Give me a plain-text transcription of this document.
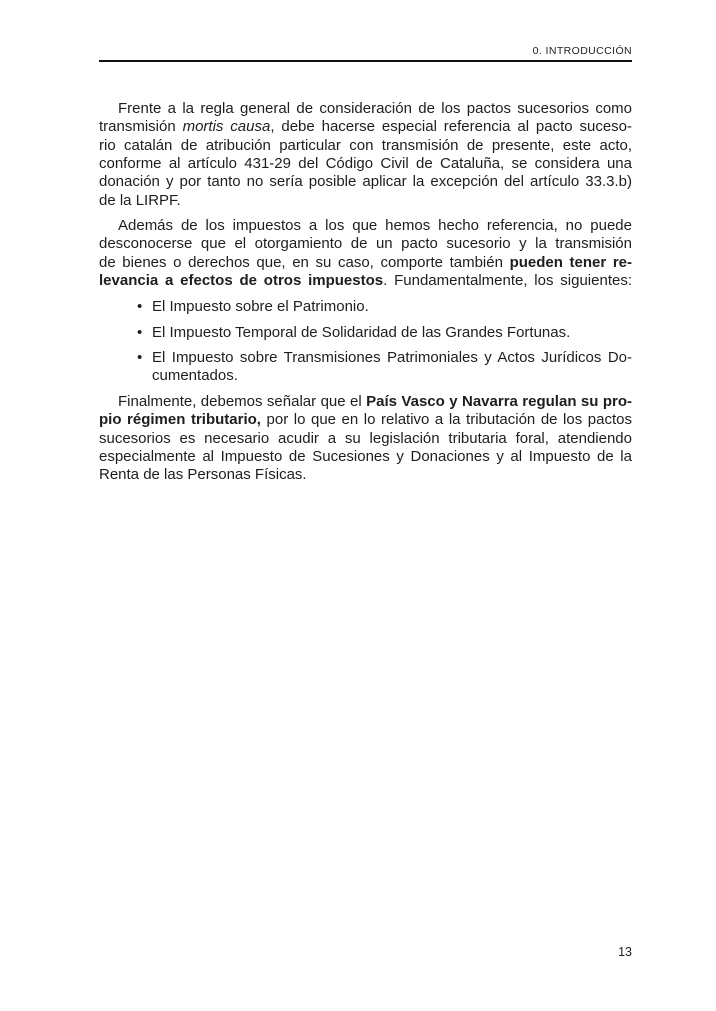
0. INTRODUCCIÓN
Frente a la regla general de consideración de los pactos sucesorios como
transmisión mortis causa, debe hacerse especial referencia al pacto suceso-
rio catalán de atribución particular con transmisión de presente, este acto,
conforme al artículo 431-29 del Código Civil de Cataluña, se considera una
donación y por tanto no sería posible aplicar la excepción del artículo 33.3.b)
de la LIRPF.
Además de los impuestos a los que hemos hecho referencia, no puede
desconocerse que el otorgamiento de un pacto sucesorio y la transmisión
de bienes o derechos que, en su caso, comporte también pueden tener re-
levancia a efectos de otros impuestos. Fundamentalmente, los siguientes:
• El Impuesto sobre el Patrimonio.
• El Impuesto Temporal de Solidaridad de las Grandes Fortunas.
• El Impuesto sobre Transmisiones Patrimoniales y Actos Jurídicos Do-
cumentados.
Finalmente, debemos señalar que el País Vasco y Navarra regulan su pro-
pio régimen tributario, por lo que en lo relativo a la tributación de los pactos
sucesorios es necesario acudir a su legislación tributaria foral, atendiendo
especialmente al Impuesto de Sucesiones y Donaciones y al Impuesto de la
Renta de las Personas Físicas.
13
